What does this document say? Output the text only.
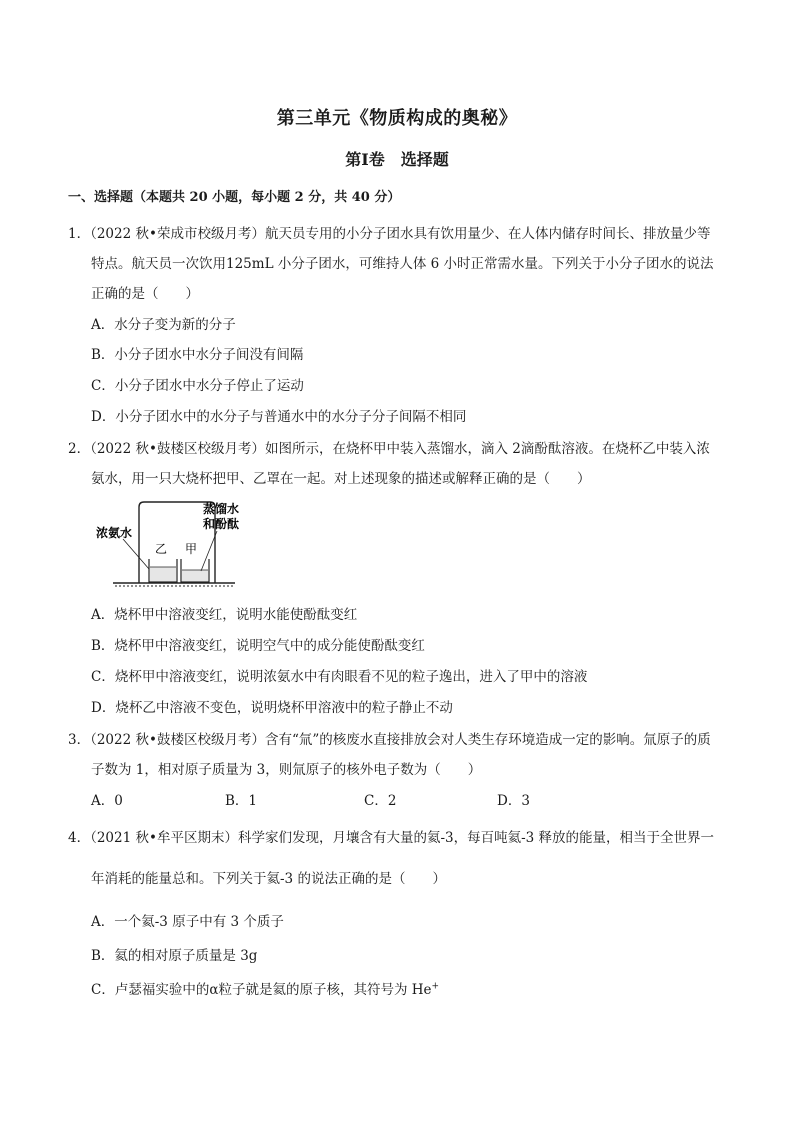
第三单元《物质构成的奥秘》
第Ⅰ卷 选择题
一、选择题（本题共 20 小题，每小题 2 分，共 40 分）
1．（2022 秋•荣成市校级月考）航天员专用的小分子团水具有饮用量少、在人体内储存时间长、排放量少等
特点。航天员一次饮用125mL 小分子团水，可维持人体 6 小时正常需水量。下列关于小分子团水的说法
正确的是（　　）
A．水分子变为新的分子
B．小分子团水中水分子间没有间隔
C．小分子团水中水分子停止了运动
D．小分子团水中的水分子与普通水中的水分子分子间隔不相同
2．（2022 秋•鼓楼区校级月考）如图所示，在烧杯甲中装入蒸馏水，滴入 2滴酚酞溶液。在烧杯乙中装入浓
氨水，用一只大烧杯把甲、乙罩在一起。对上述现象的描述或解释正确的是（　　）
浓氨水
乙 甲
蒸馏水
和酚酞
A．烧杯甲中溶液变红，说明水能使酚酞变红
B．烧杯甲中溶液变红，说明空气中的成分能使酚酞变红
C．烧杯甲中溶液变红，说明浓氨水中有肉眼看不见的粒子逸出，进入了甲中的溶液
D．烧杯乙中溶液不变色，说明烧杯甲溶液中的粒子静止不动
3．（2022 秋•鼓楼区校级月考）含有“氚”的核废水直接排放会对人类生存环境造成一定的影响。氚原子的质
子数为 1，相对原子质量为 3，则氚原子的核外电子数为（　　）
A．0	B．1	C．2	D．3
4．（2021 秋•牟平区期末）科学家们发现，月壤含有大量的氦-3，每百吨氦-3 释放的能量，相当于全世界一
年消耗的能量总和。下列关于氦-3 的说法正确的是（　　）
A．一个氦-3 原子中有 3 个质子
B．氦的相对原子质量是 3g
C．卢瑟福实验中的α粒子就是氦的原子核，其符号为 He+
